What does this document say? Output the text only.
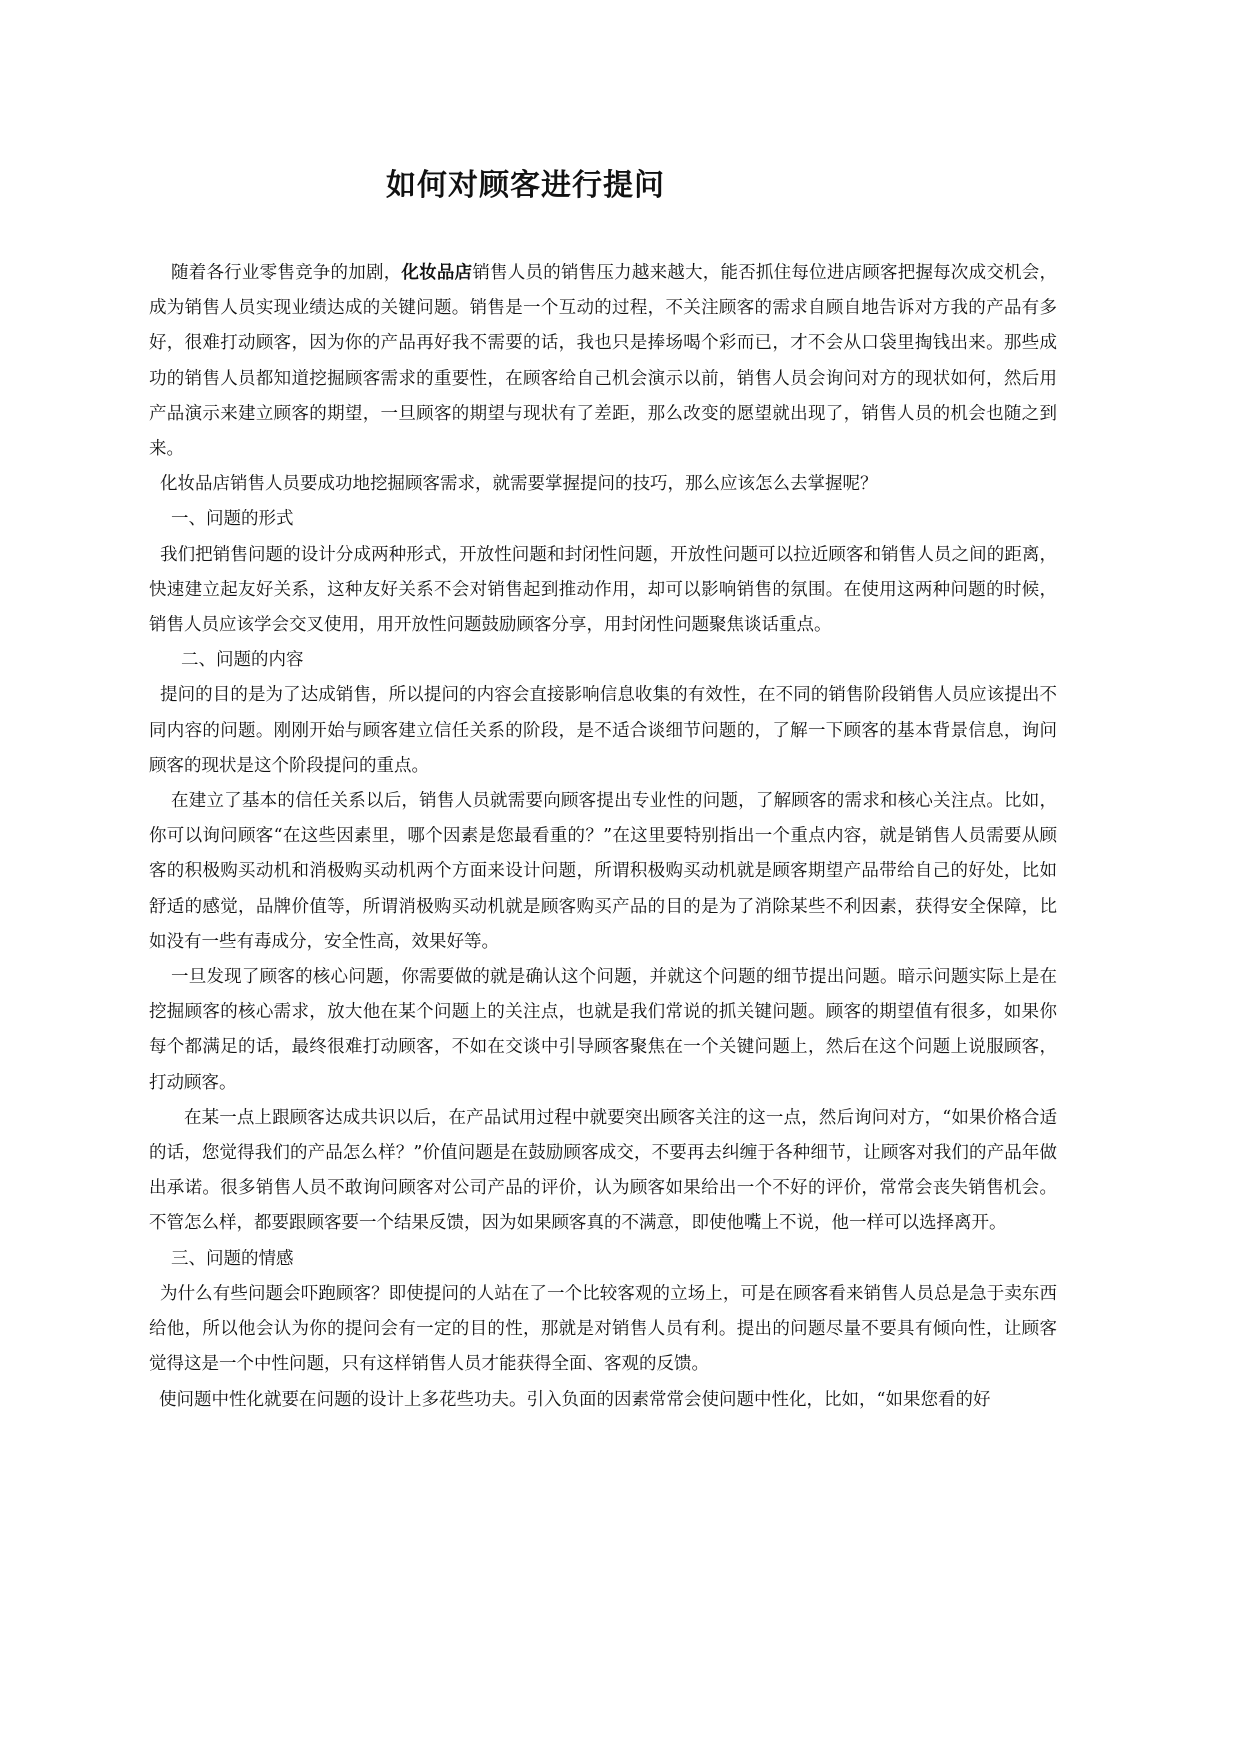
如何对顾客进行提问

随着各行业零售竞争的加剧，化妆品店销售人员的销售压力越来越大，能否抓住每位进店顾客把握每次成交机会，成为销售人员实现业绩达成的关键问题。销售是一个互动的过程，不关注顾客的需求自顾自地告诉对方我的产品有多好，很难打动顾客，因为你的产品再好我不需要的话，我也只是捧场喝个彩而已，才不会从口袋里掏钱出来。那些成功的销售人员都知道挖掘顾客需求的重要性，在顾客给自己机会演示以前，销售人员会询问对方的现状如何，然后用产品演示来建立顾客的期望，一旦顾客的期望与现状有了差距，那么改变的愿望就出现了，销售人员的机会也随之到来。

化妆品店销售人员要成功地挖掘顾客需求，就需要掌握提问的技巧，那么应该怎么去掌握呢？

一、问题的形式

我们把销售问题的设计分成两种形式，开放性问题和封闭性问题，开放性问题可以拉近顾客和销售人员之间的距离，快速建立起友好关系，这种友好关系不会对销售起到推动作用，却可以影响销售的氛围。在使用这两种问题的时候，销售人员应该学会交叉使用，用开放性问题鼓励顾客分享，用封闭性问题聚焦谈话重点。

二、问题的内容

提问的目的是为了达成销售，所以提问的内容会直接影响信息收集的有效性，在不同的销售阶段销售人员应该提出不同内容的问题。刚刚开始与顾客建立信任关系的阶段，是不适合谈细节问题的，了解一下顾客的基本背景信息，询问顾客的现状是这个阶段提问的重点。

在建立了基本的信任关系以后，销售人员就需要向顾客提出专业性的问题，了解顾客的需求和核心关注点。比如，你可以询问顾客“在这些因素里，哪个因素是您最看重的？”在这里要特别指出一个重点内容，就是销售人员需要从顾客的积极购买动机和消极购买动机两个方面来设计问题，所谓积极购买动机就是顾客期望产品带给自己的好处，比如舒适的感觉，品牌价值等，所谓消极购买动机就是顾客购买产品的目的是为了消除某些不利因素，获得安全保障，比如没有一些有毒成分，安全性高，效果好等。

一旦发现了顾客的核心问题，你需要做的就是确认这个问题，并就这个问题的细节提出问题。暗示问题实际上是在挖掘顾客的核心需求，放大他在某个问题上的关注点，也就是我们常说的抓关键问题。顾客的期望值有很多，如果你每个都满足的话，最终很难打动顾客，不如在交谈中引导顾客聚焦在一个关键问题上，然后在这个问题上说服顾客，打动顾客。

在某一点上跟顾客达成共识以后，在产品试用过程中就要突出顾客关注的这一点，然后询问对方，“如果价格合适的话，您觉得我们的产品怎么样？”价值问题是在鼓励顾客成交，不要再去纠缠于各种细节，让顾客对我们的产品年做出承诺。很多销售人员不敢询问顾客对公司产品的评价，认为顾客如果给出一个不好的评价，常常会丧失销售机会。不管怎么样，都要跟顾客要一个结果反馈，因为如果顾客真的不满意，即使他嘴上不说，他一样可以选择离开。

三、问题的情感

为什么有些问题会吓跑顾客？即使提问的人站在了一个比较客观的立场上，可是在顾客看来销售人员总是急于卖东西给他，所以他会认为你的提问会有一定的目的性，那就是对销售人员有利。提出的问题尽量不要具有倾向性，让顾客觉得这是一个中性问题，只有这样销售人员才能获得全面、客观的反馈。

使问题中性化就要在问题的设计上多花些功夫。引入负面的因素常常会使问题中性化，比如，“如果您看的好
